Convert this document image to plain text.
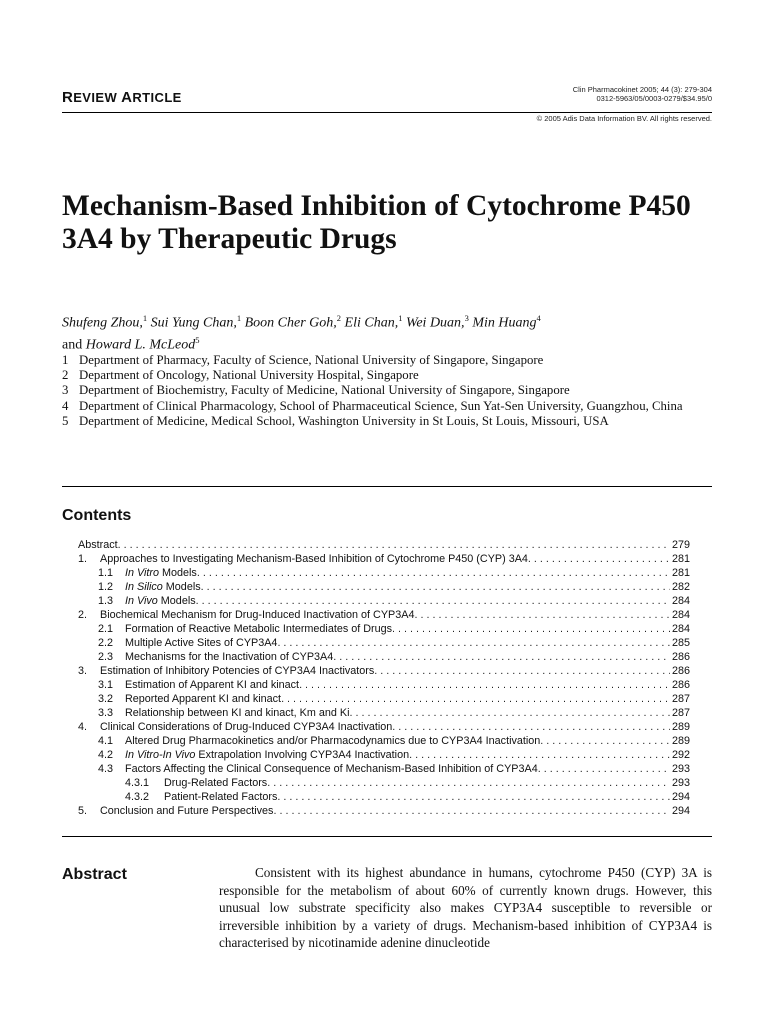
REVIEW ARTICLE
Clin Pharmacokinet 2005; 44 (3): 279-304
0312-5963/05/0003-0279/$34.95/0
© 2005 Adis Data Information BV. All rights reserved.
Mechanism-Based Inhibition of Cytochrome P450 3A4 by Therapeutic Drugs
Shufeng Zhou,$^1$ Sui Yung Chan,$^1$ Boon Cher Goh,$^2$ Eli Chan,$^1$ Wei Duan,$^3$ Min Huang$^4$
and Howard L. McLeod$^5$
1 Department of Pharmacy, Faculty of Science, National University of Singapore, Singapore
2 Department of Oncology, National University Hospital, Singapore
3 Department of Biochemistry, Faculty of Medicine, National University of Singapore, Singapore
4 Department of Clinical Pharmacology, School of Pharmaceutical Science, Sun Yat-Sen University, Guangzhou, China
5 Department of Medicine, Medical School, Washington University in St Louis, St Louis, Missouri, USA
Contents
Abstract . . .	279
1.	Approaches to Investigating Mechanism-Based Inhibition of Cytochrome P450 (CYP) 3A4 . . .	281
1.1	In Vitro Models . . .	281
1.2	In Silico Models . . .	282
1.3	In Vivo Models . . .	284
2.	Biochemical Mechanism for Drug-Induced Inactivation of CYP3A4 . . .	284
2.1	Formation of Reactive Metabolic Intermediates of Drugs . . .	284
2.2	Multiple Active Sites of CYP3A4 . . .	285
2.3	Mechanisms for the Inactivation of CYP3A4 . . .	286
3.	Estimation of Inhibitory Potencies of CYP3A4 Inactivators . . .	286
3.1	Estimation of Apparent KI and kinact . . .	286
3.2	Reported Apparent KI and kinact . . .	287
3.3	Relationship between KI and kinact, Km and Ki . . .	287
4.	Clinical Considerations of Drug-Induced CYP3A4 Inactivation . . .	289
4.1	Altered Drug Pharmacokinetics and/or Pharmacodynamics due to CYP3A4 Inactivation . . .	289
4.2	In Vitro-In Vivo Extrapolation Involving CYP3A4 Inactivation . . .	292
4.3	Factors Affecting the Clinical Consequence of Mechanism-Based Inhibition of CYP3A4 . . .	293
4.3.1	Drug-Related Factors . . .	293
4.3.2	Patient-Related Factors . . .	294
5.	Conclusion and Future Perspectives . . .	294
Abstract	Consistent with its highest abundance in humans, cytochrome P450 (CYP) 3A is responsible for the metabolism of about 60% of currently known drugs. However, this unusual low substrate specificity also makes CYP3A4 susceptible to reversible or irreversible inhibition by a variety of drugs. Mechanism-based inhibition of CYP3A4 is characterised by nicotinamide adenine dinucleotide
